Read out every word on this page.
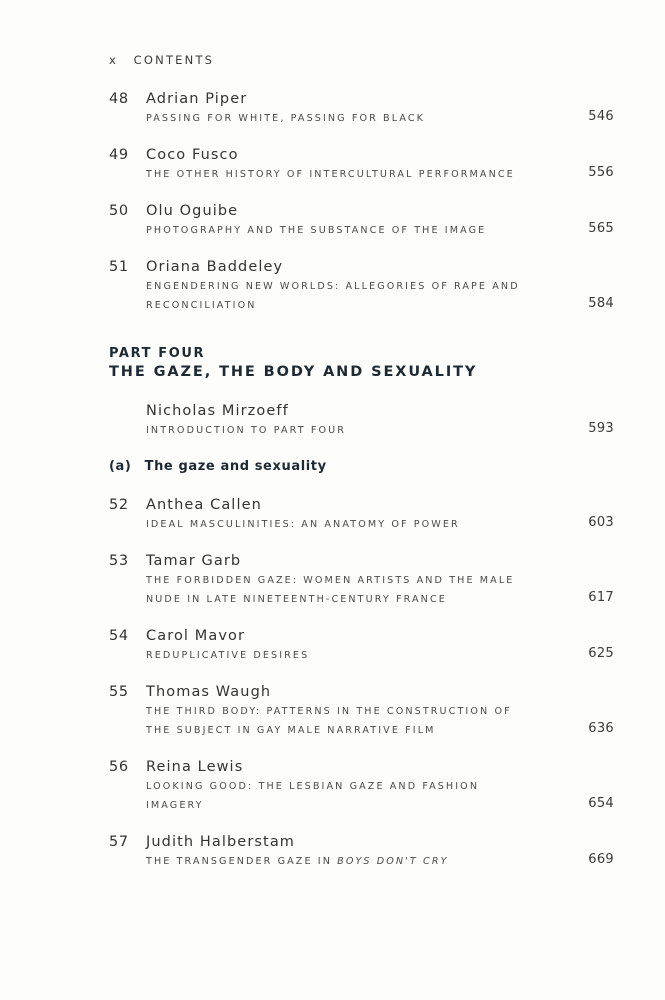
x CONTENTS
48 Adrian Piper
PASSING FOR WHITE, PASSING FOR BLACK	546
49 Coco Fusco
THE OTHER HISTORY OF INTERCULTURAL PERFORMANCE	556
50 Olu Oguibe
PHOTOGRAPHY AND THE SUBSTANCE OF THE IMAGE	565
51 Oriana Baddeley
ENGENDERING NEW WORLDS: ALLEGORIES OF RAPE AND
RECONCILIATION	584
PART FOUR
THE GAZE, THE BODY AND SEXUALITY
Nicholas Mirzoeff
INTRODUCTION TO PART FOUR	593
(a) The gaze and sexuality
52 Anthea Callen
IDEAL MASCULINITIES: AN ANATOMY OF POWER	603
53 Tamar Garb
THE FORBIDDEN GAZE: WOMEN ARTISTS AND THE MALE
NUDE IN LATE NINETEENTH-CENTURY FRANCE	617
54 Carol Mavor
REDUPLICATIVE DESIRES	625
55 Thomas Waugh
THE THIRD BODY: PATTERNS IN THE CONSTRUCTION OF
THE SUBJECT IN GAY MALE NARRATIVE FILM	636
56 Reina Lewis
LOOKING GOOD: THE LESBIAN GAZE AND FASHION
IMAGERY	654
57 Judith Halberstam
THE TRANSGENDER GAZE IN BOYS DON'T CRY	669
